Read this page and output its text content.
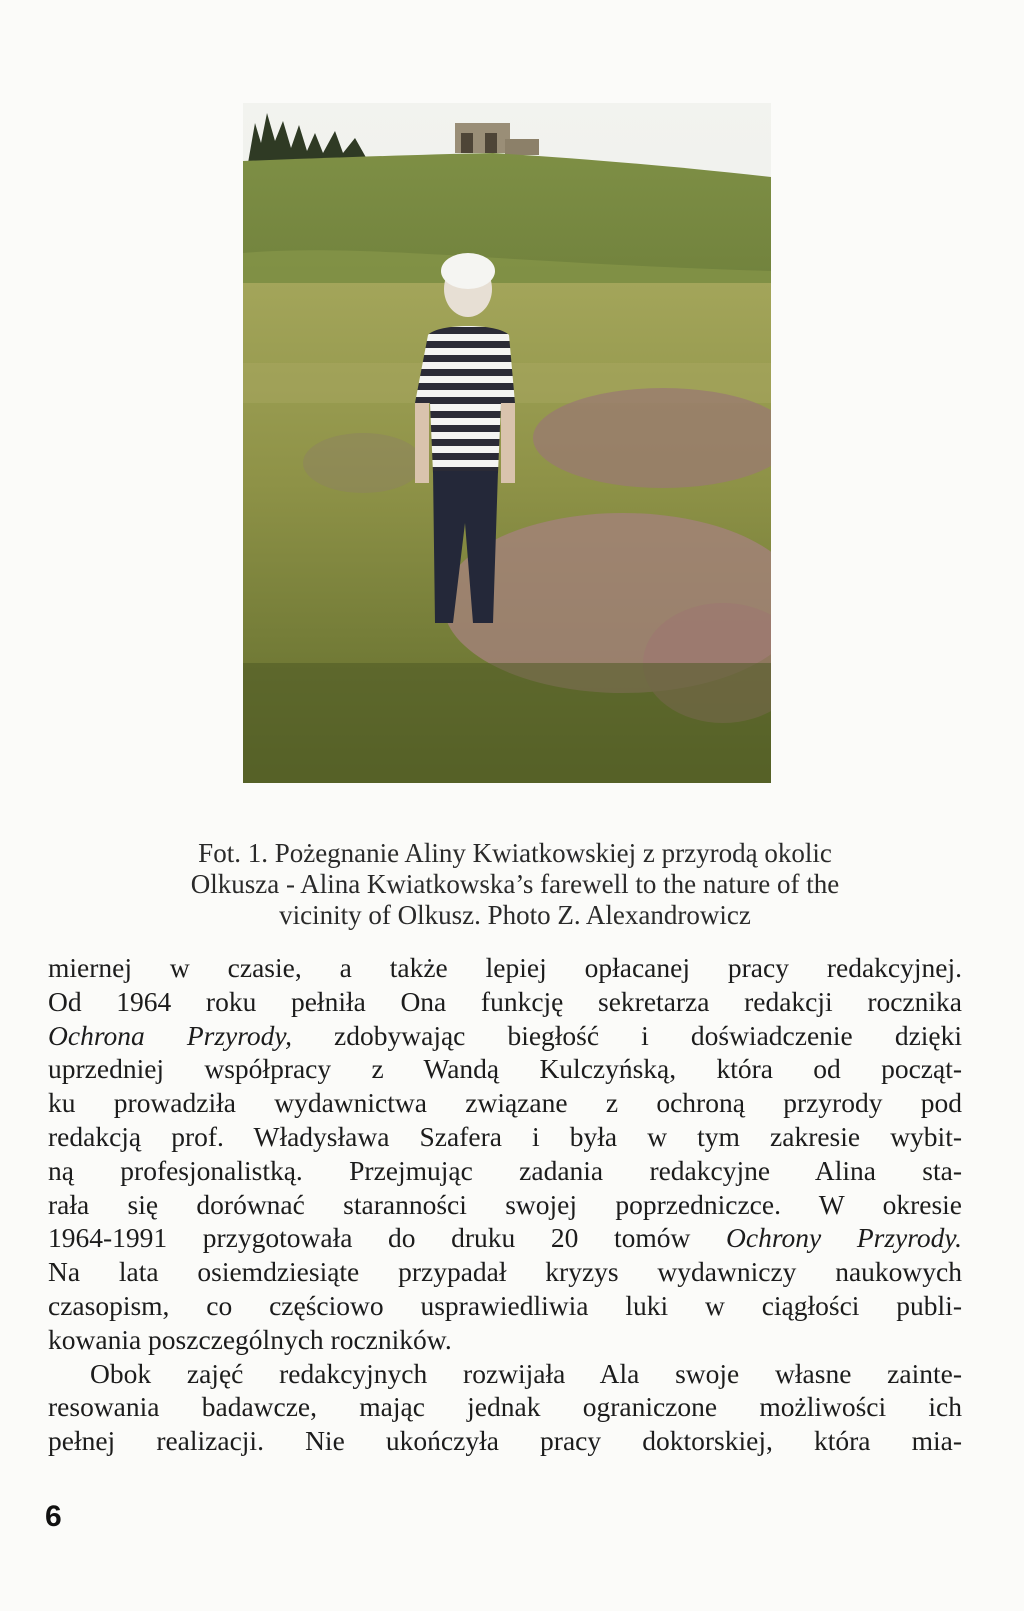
Fot. 1. Pożegnanie Aliny Kwiatkowskiej z przyrodą okolic
Olkusza - Alina Kwiatkowska’s farewell to the nature of the
vicinity of Olkusz. Photo Z. Alexandrowicz
miernej w czasie, a także lepiej opłacanej pracy redakcyjnej.
Od 1964 roku pełniła Ona funkcję sekretarza redakcji rocznika
Ochrona Przyrody, zdobywając biegłość i doświadczenie dzięki
uprzedniej współpracy z Wandą Kulczyńską, która od począt-
ku prowadziła wydawnictwa związane z ochroną przyrody pod
redakcją prof. Władysława Szafera i była w tym zakresie wybit-
ną profesjonalistką. Przejmując zadania redakcyjne Alina sta-
rała się dorównać staranności swojej poprzedniczce. W okresie
1964-1991 przygotowała do druku 20 tomów Ochrony Przyrody.
Na lata osiemdziesiąte przypadał kryzys wydawniczy naukowych
czasopism, co częściowo usprawiedliwia luki w ciągłości publi-
kowania poszczególnych roczników.
Obok zajęć redakcyjnych rozwijała Ala swoje własne zainte-
resowania badawcze, mając jednak ograniczone możliwości ich
pełnej realizacji. Nie ukończyła pracy doktorskiej, która mia-
6
